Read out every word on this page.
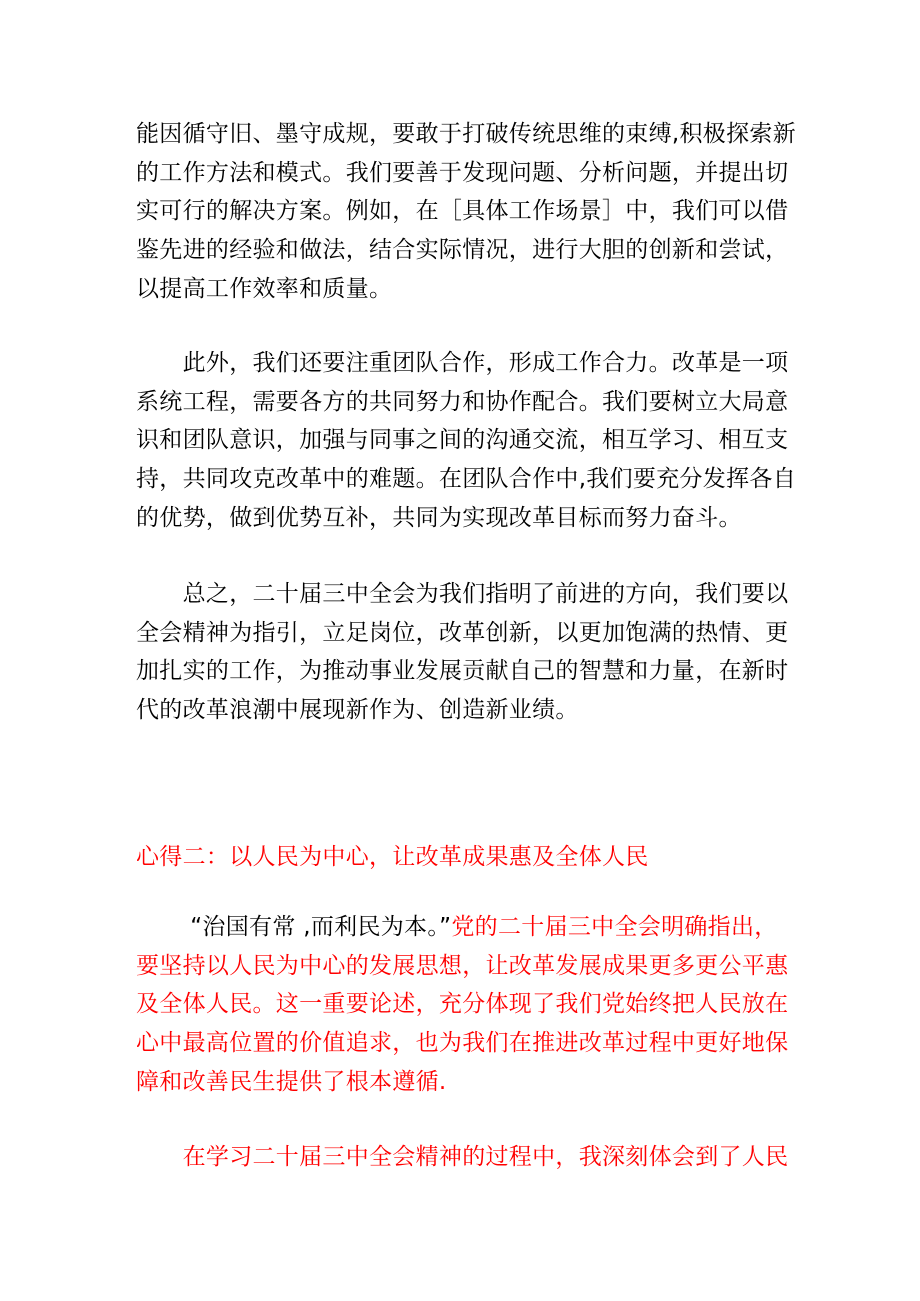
能因循守旧、墨守成规，要敢于打破传统思维的束缚,积极探索新
的工作方法和模式。我们要善于发现问题、分析问题，并提出切
实可行的解决方案。例如，在［具体工作场景］中，我们可以借
鉴先进的经验和做法，结合实际情况，进行大胆的创新和尝试，
以提高工作效率和质量。

　　此外，我们还要注重团队合作，形成工作合力。改革是一项
系统工程，需要各方的共同努力和协作配合。我们要树立大局意
识和团队意识，加强与同事之间的沟通交流，相互学习、相互支
持，共同攻克改革中的难题。在团队合作中,我们要充分发挥各自
的优势，做到优势互补，共同为实现改革目标而努力奋斗。

　　总之，二十届三中全会为我们指明了前进的方向，我们要以
全会精神为指引，立足岗位，改革创新，以更加饱满的热情、更
加扎实的工作，为推动事业发展贡献自己的智慧和力量，在新时
代的改革浪潮中展现新作为、创造新业绩。

心得二：以人民为中心，让改革成果惠及全体人民

　　 “治国有常 ,而利民为本。”党的二十届三中全会明确指出，
要坚持以人民为中心的发展思想，让改革发展成果更多更公平惠
及全体人民。这一重要论述，充分体现了我们党始终把人民放在
心中最高位置的价值追求，也为我们在推进改革过程中更好地保
障和改善民生提供了根本遵循.

　　在学习二十届三中全会精神的过程中，我深刻体会到了人民
